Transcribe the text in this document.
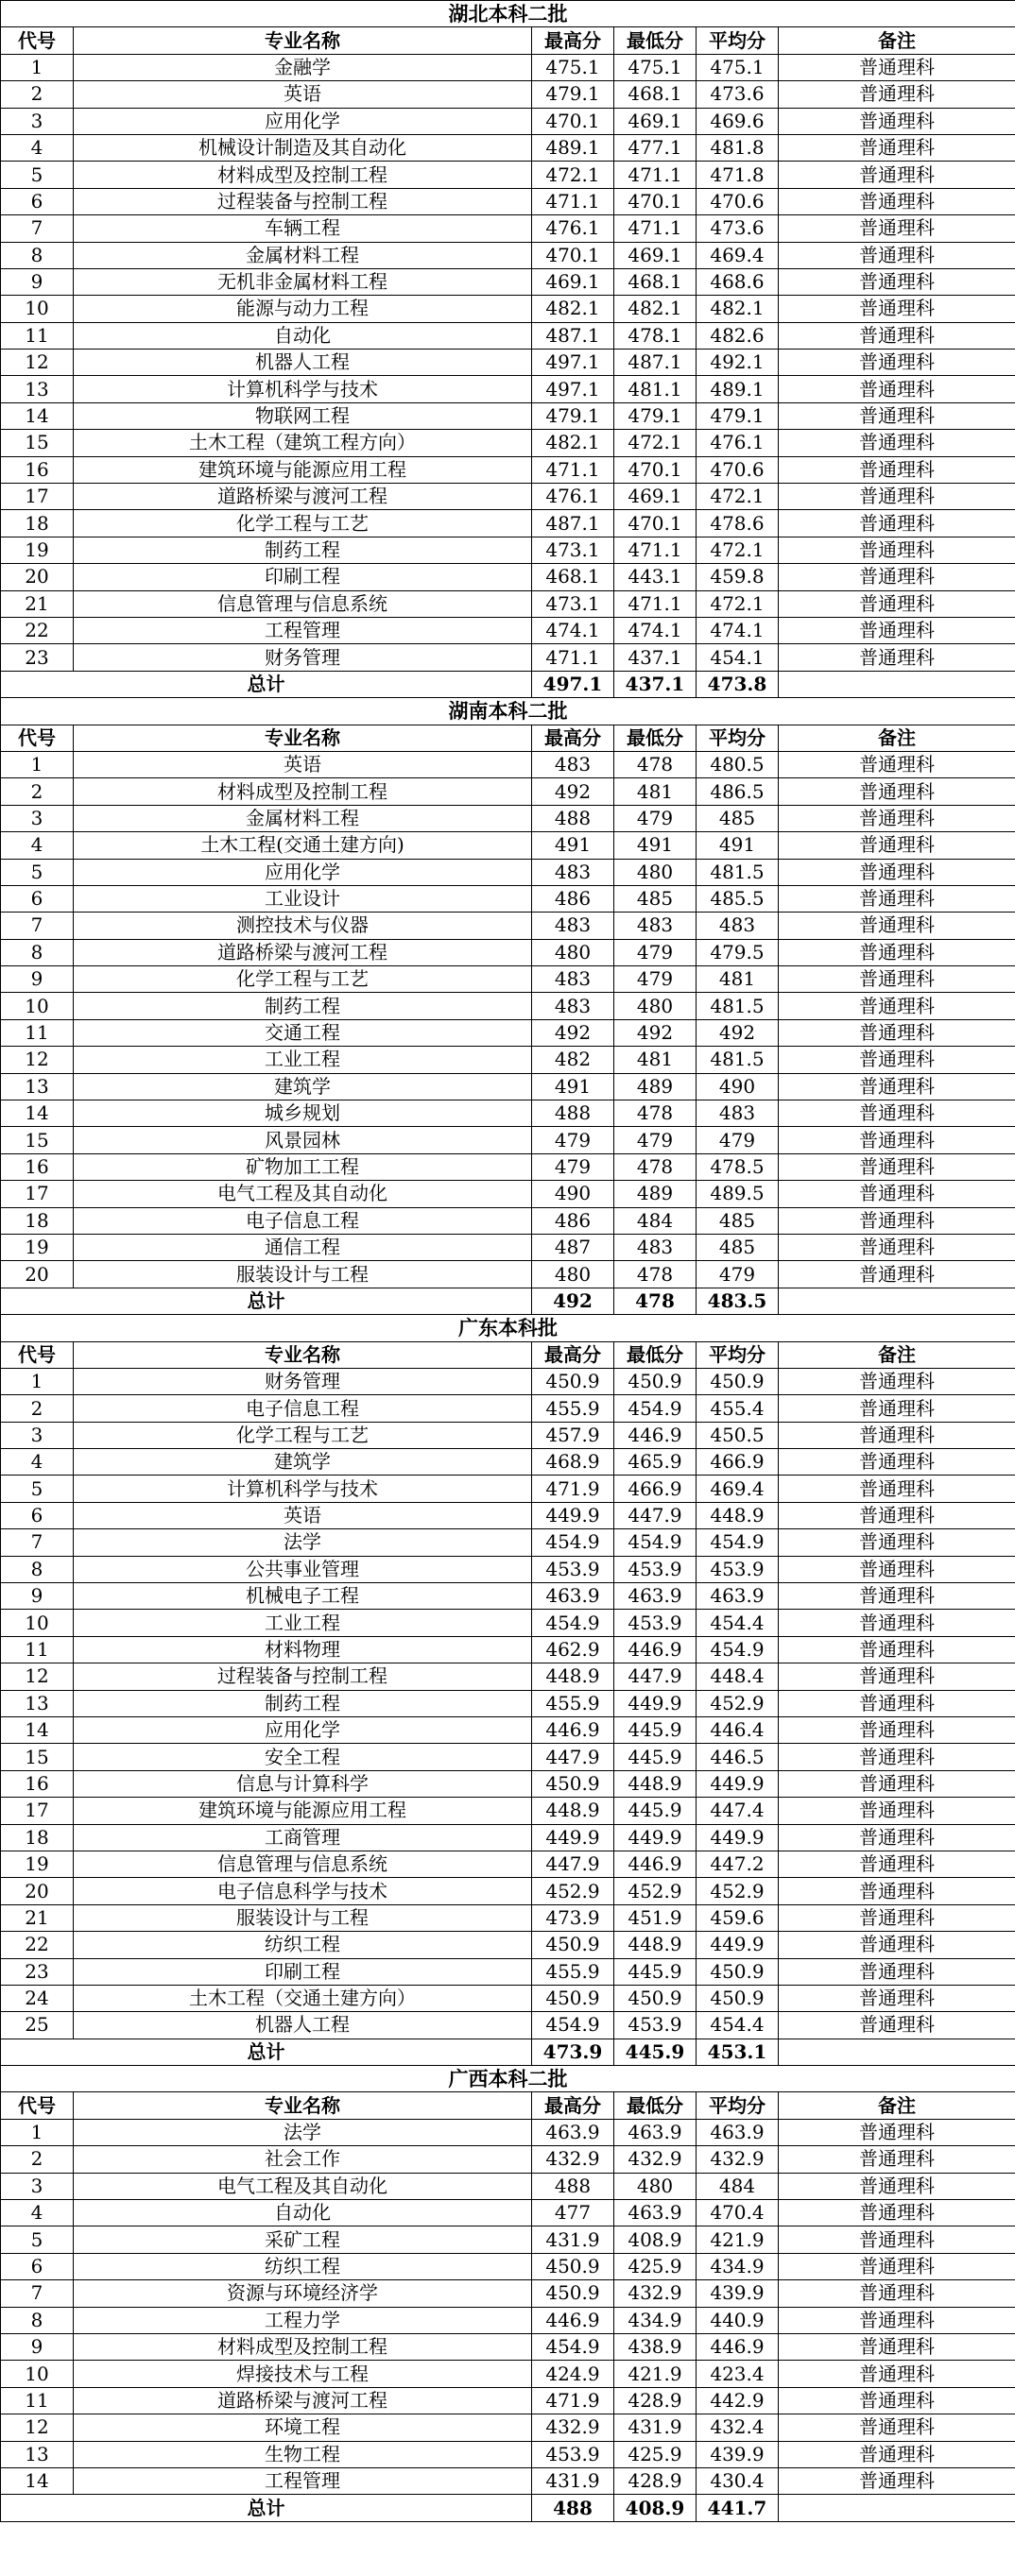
湖北本科二批					
代号	专业名称	最高分	最低分	平均分	备注
1	金融学	475.1	475.1	475.1	普通理科
2	英语	479.1	468.1	473.6	普通理科
3	应用化学	470.1	469.1	469.6	普通理科
4	机械设计制造及其自动化	489.1	477.1	481.8	普通理科
5	材料成型及控制工程	472.1	471.1	471.8	普通理科
6	过程装备与控制工程	471.1	470.1	470.6	普通理科
7	车辆工程	476.1	471.1	473.6	普通理科
8	金属材料工程	470.1	469.1	469.4	普通理科
9	无机非金属材料工程	469.1	468.1	468.6	普通理科
10	能源与动力工程	482.1	482.1	482.1	普通理科
11	自动化	487.1	478.1	482.6	普通理科
12	机器人工程	497.1	487.1	492.1	普通理科
13	计算机科学与技术	497.1	481.1	489.1	普通理科
14	物联网工程	479.1	479.1	479.1	普通理科
15	土木工程（建筑工程方向）	482.1	472.1	476.1	普通理科
16	建筑环境与能源应用工程	471.1	470.1	470.6	普通理科
17	道路桥梁与渡河工程	476.1	469.1	472.1	普通理科
18	化学工程与工艺	487.1	470.1	478.6	普通理科
19	制药工程	473.1	471.1	472.1	普通理科
20	印刷工程	468.1	443.1	459.8	普通理科
21	信息管理与信息系统	473.1	471.1	472.1	普通理科
22	工程管理	474.1	474.1	474.1	普通理科
23	财务管理	471.1	437.1	454.1	普通理科
总计		497.1	437.1	473.8	
湖南本科二批					
代号	专业名称	最高分	最低分	平均分	备注
1	英语	483	478	480.5	普通理科
2	材料成型及控制工程	492	481	486.5	普通理科
3	金属材料工程	488	479	485	普通理科
4	土木工程(交通土建方向)	491	491	491	普通理科
5	应用化学	483	480	481.5	普通理科
6	工业设计	486	485	485.5	普通理科
7	测控技术与仪器	483	483	483	普通理科
8	道路桥梁与渡河工程	480	479	479.5	普通理科
9	化学工程与工艺	483	479	481	普通理科
10	制药工程	483	480	481.5	普通理科
11	交通工程	492	492	492	普通理科
12	工业工程	482	481	481.5	普通理科
13	建筑学	491	489	490	普通理科
14	城乡规划	488	478	483	普通理科
15	风景园林	479	479	479	普通理科
16	矿物加工工程	479	478	478.5	普通理科
17	电气工程及其自动化	490	489	489.5	普通理科
18	电子信息工程	486	484	485	普通理科
19	通信工程	487	483	485	普通理科
20	服装设计与工程	480	478	479	普通理科
总计		492	478	483.5	
广东本科批					
代号	专业名称	最高分	最低分	平均分	备注
1	财务管理	450.9	450.9	450.9	普通理科
2	电子信息工程	455.9	454.9	455.4	普通理科
3	化学工程与工艺	457.9	446.9	450.5	普通理科
4	建筑学	468.9	465.9	466.9	普通理科
5	计算机科学与技术	471.9	466.9	469.4	普通理科
6	英语	449.9	447.9	448.9	普通理科
7	法学	454.9	454.9	454.9	普通理科
8	公共事业管理	453.9	453.9	453.9	普通理科
9	机械电子工程	463.9	463.9	463.9	普通理科
10	工业工程	454.9	453.9	454.4	普通理科
11	材料物理	462.9	446.9	454.9	普通理科
12	过程装备与控制工程	448.9	447.9	448.4	普通理科
13	制药工程	455.9	449.9	452.9	普通理科
14	应用化学	446.9	445.9	446.4	普通理科
15	安全工程	447.9	445.9	446.5	普通理科
16	信息与计算科学	450.9	448.9	449.9	普通理科
17	建筑环境与能源应用工程	448.9	445.9	447.4	普通理科
18	工商管理	449.9	449.9	449.9	普通理科
19	信息管理与信息系统	447.9	446.9	447.2	普通理科
20	电子信息科学与技术	452.9	452.9	452.9	普通理科
21	服装设计与工程	473.9	451.9	459.6	普通理科
22	纺织工程	450.9	448.9	449.9	普通理科
23	印刷工程	455.9	445.9	450.9	普通理科
24	土木工程（交通土建方向）	450.9	450.9	450.9	普通理科
25	机器人工程	454.9	453.9	454.4	普通理科
总计		473.9	445.9	453.1	
广西本科二批					
代号	专业名称	最高分	最低分	平均分	备注
1	法学	463.9	463.9	463.9	普通理科
2	社会工作	432.9	432.9	432.9	普通理科
3	电气工程及其自动化	488	480	484	普通理科
4	自动化	477	463.9	470.4	普通理科
5	采矿工程	431.9	408.9	421.9	普通理科
6	纺织工程	450.9	425.9	434.9	普通理科
7	资源与环境经济学	450.9	432.9	439.9	普通理科
8	工程力学	446.9	434.9	440.9	普通理科
9	材料成型及控制工程	454.9	438.9	446.9	普通理科
10	焊接技术与工程	424.9	421.9	423.4	普通理科
11	道路桥梁与渡河工程	471.9	428.9	442.9	普通理科
12	环境工程	432.9	431.9	432.4	普通理科
13	生物工程	453.9	425.9	439.9	普通理科
14	工程管理	431.9	428.9	430.4	普通理科
总计		488	408.9	441.7	
